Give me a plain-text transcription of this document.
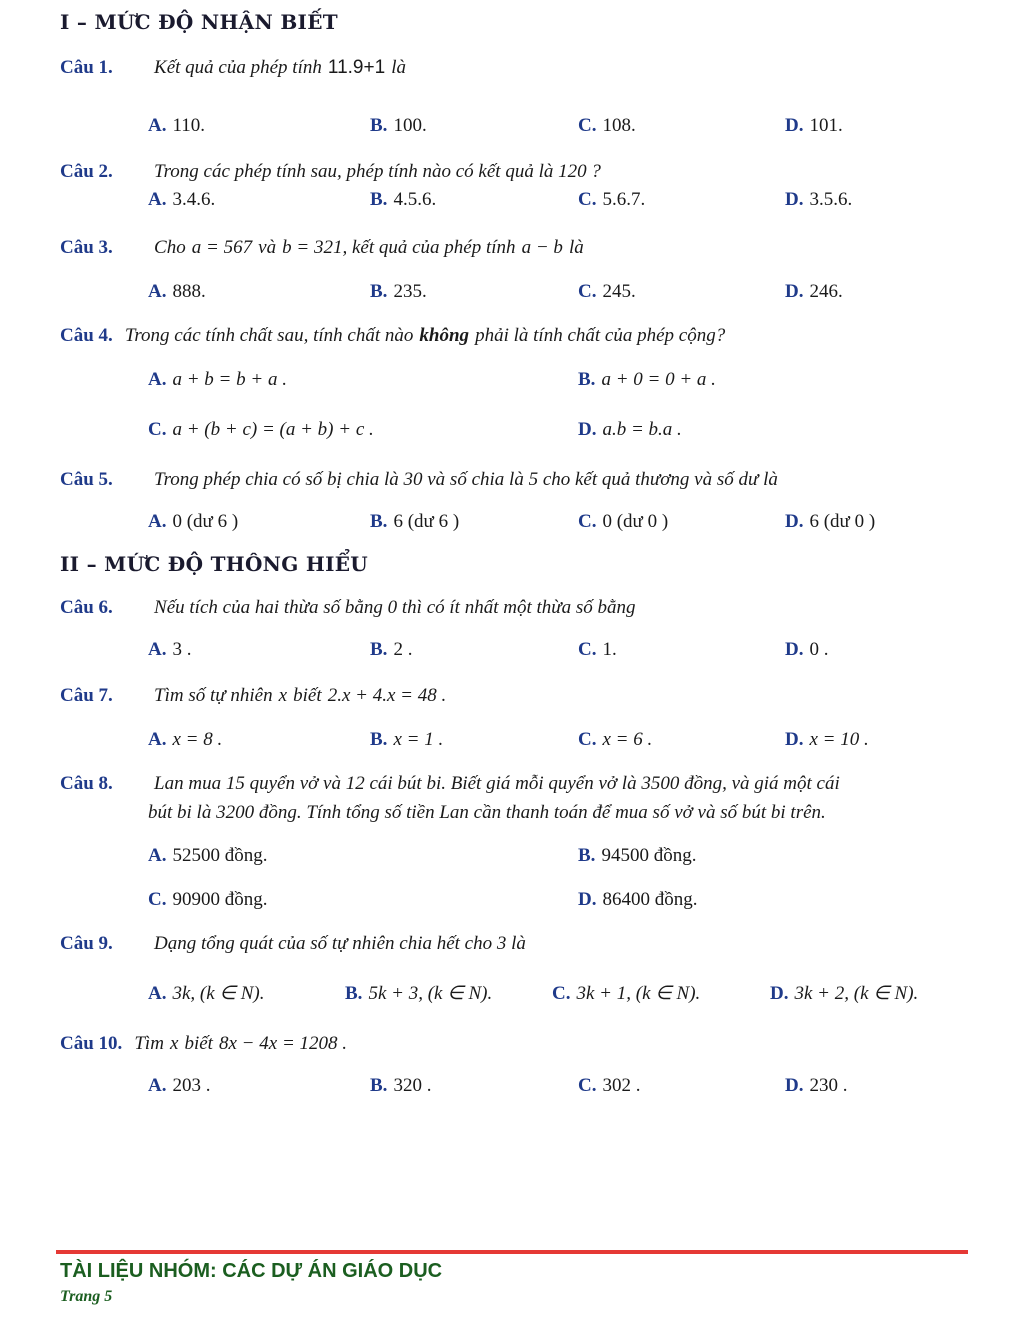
I – MỨC ĐỘ NHẬN BIẾT
Câu 1. Kết quả của phép tính 11.9+1 là
A. 110.	B. 100.	C. 108.	D. 101.
Câu 2. Trong các phép tính sau, phép tính nào có kết quả là 120 ?
A. 3.4.6.	B. 4.5.6.	C. 5.6.7.	D. 3.5.6.
Câu 3. Cho a = 567 và b = 321, kết quả của phép tính a − b là
A. 888.	B. 235.	C. 245.	D. 246.
Câu 4. Trong các tính chất sau, tính chất nào không phải là tính chất của phép cộng?
A. a + b = b + a .	B. a + 0 = 0 + a .
C. a + (b + c) = (a + b) + c .	D. a.b = b.a .
Câu 5. Trong phép chia có số bị chia là 30 và số chia là 5 cho kết quả thương và số dư là
A. 0 (dư 6 )	B. 6 (dư 6 )	C. 0 (dư 0 )	D. 6 (dư 0 )
II – MỨC ĐỘ THÔNG HIỂU
Câu 6. Nếu tích của hai thừa số bằng 0 thì có ít nhất một thừa số bằng
A. 3 .	B. 2 .	C. 1.	D. 0 .
Câu 7. Tìm số tự nhiên x biết 2.x + 4.x = 48 .
A. x = 8 .	B. x = 1 .	C. x = 6 .	D. x = 10 .
Câu 8. Lan mua 15 quyển vở và 12 cái bút bi. Biết giá mỗi quyển vở là 3500 đồng, và giá một cái
bút bi là 3200 đồng. Tính tổng số tiền Lan cần thanh toán để mua số vở và số bút bi trên.
A. 52500 đồng.	B. 94500 đồng.
C. 90900 đồng.	D. 86400 đồng.
Câu 9. Dạng tổng quát của số tự nhiên chia hết cho 3 là
A. 3k, (k ∈ N).	B. 5k + 3, (k ∈ N).	C. 3k + 1, (k ∈ N).	D. 3k + 2, (k ∈ N).
Câu 10. Tìm x biết 8x − 4x = 1208 .
A. 203 .	B. 320 .	C. 302 .	D. 230 .
TÀI LIỆU NHÓM: CÁC DỰ ÁN GIÁO DỤC
Trang 5
